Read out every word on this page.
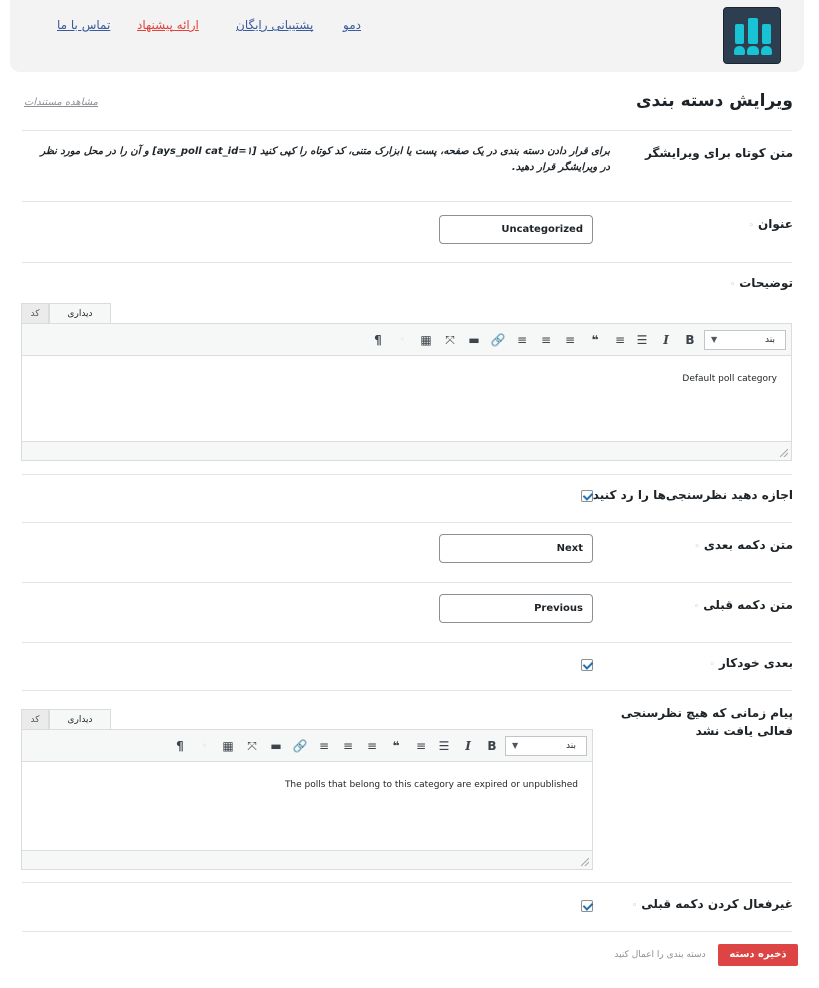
دمو
پشتیبانی رایگان
ارائه پیشنهاد
تماس با ما
ویرایش دسته بندی
مشاهده مستندات
متن کوتاه برای ویرایشگر
برای قرار دادن دسته بندی در یک صفحه، پست یا ابزارک متنی، کد کوتاه را کپی کنید [ays_poll cat_id=۱] و آن را در محل مورد نظر در ویرایشگر قرار دهید.
عنوان◦
Uncategorized
توضیحات◦
دیداری
کد
بند
▼
B
I
☰
≡
❝
≡
≡
≡
🔗
▬
⤧
▦
◦
¶
Default poll category
اجازه دهید نظرسنجی‌ها را رد کنید
متن دکمه بعدی◦
Next
متن دکمه قبلی◦
Previous
بعدی خودکار◦
پیام زمانی که هیچ نظرسنجی فعالی یافت نشد
دیداری
کد
بند
▼
B
I
☰
≡
❝
≡
≡
≡
🔗
▬
⤧
▦
◦
¶
The polls that belong to this category are expired or unpublished
غیرفعال کردن دکمه قبلی◦
ذخیره دسته بندی
دسته بندی را اعمال کنید
